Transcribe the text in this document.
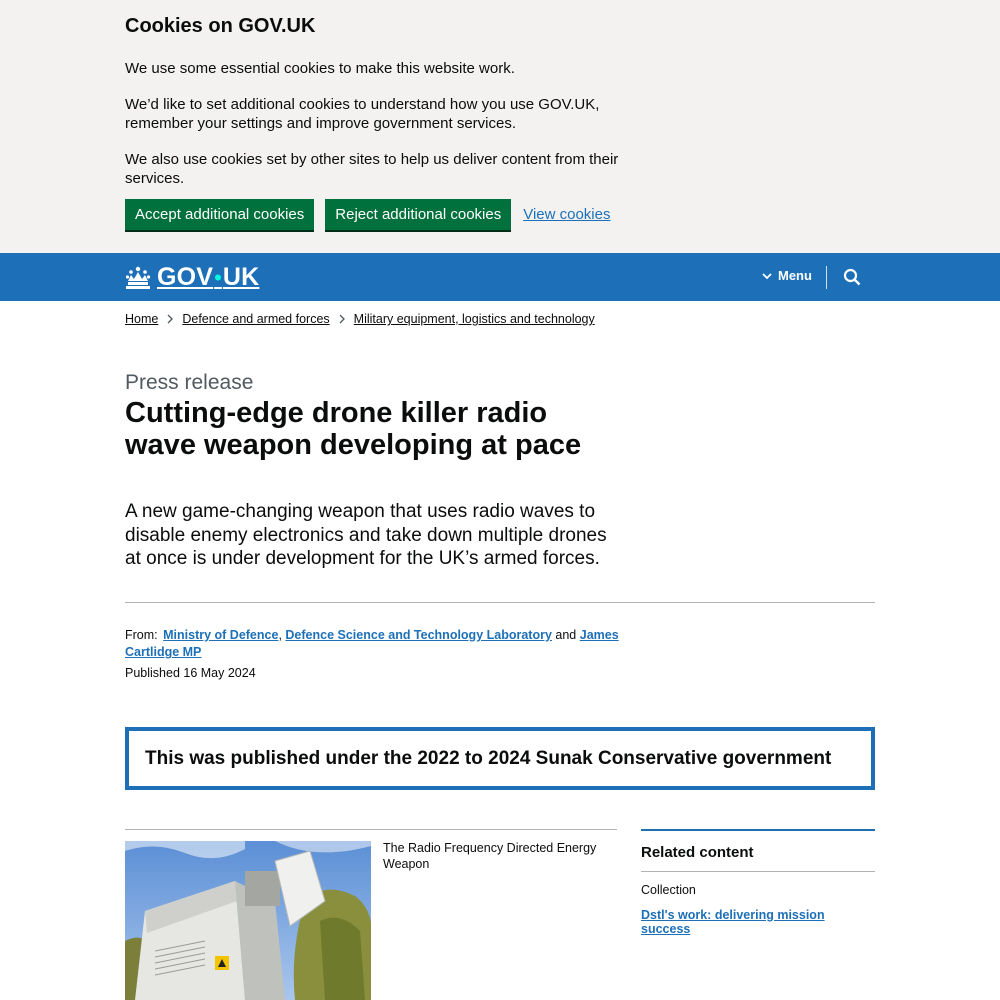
Cookies on GOV.UK

We use some essential cookies to make this website work.

We’d like to set additional cookies to understand how you use GOV.UK, remember your settings and improve government services.

We also use cookies set by other sites to help us deliver content from their services.

Accept additional cookies	Reject additional cookies	View cookies
GOV • UK	Menu
Home Defence and armed forces Military equipment, logistics and technology
Press release
Cutting-edge drone killer radio wave weapon developing at pace

A new game-changing weapon that uses radio waves to disable enemy electronics and take down multiple drones at once is under development for the UK’s armed forces.

From: Ministry of Defence, Defence Science and Technology Laboratory and James Cartlidge MP
Published 16 May 2024
This was published under the 2022 to 2024 Sunak Conservative government
The Radio Frequency Directed Energy Weapon
Related content
Collection
Dstl's work: delivering mission success
